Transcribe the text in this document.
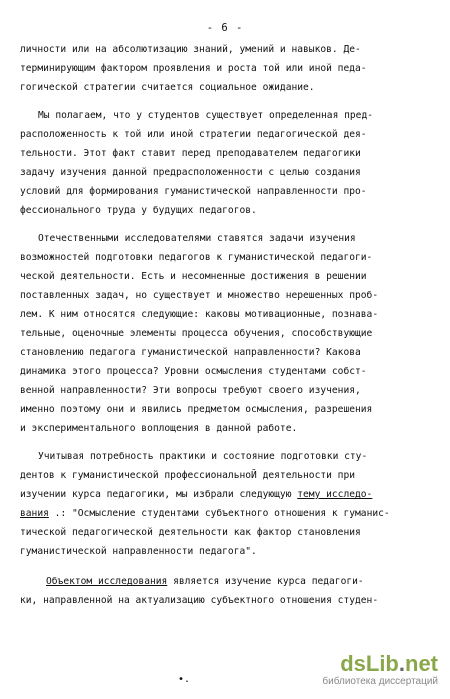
- 6 -
личности или на абсолютизацию знаний, умений и навыков. Де-
терминирующим фактором проявления и роста той или иной педа-
гогической стратегии считается социальное ожидание.
Мы полагаем, что у студентов существует определенная пред-
расположенность к той или иной стратегии педагогической дея-
тельности. Этот факт ставит перед преподавателем педагогики
задачу изучения данной предрасположенности с целью создания
условий для формирования гуманистической направленности про-
фессионального труда у будущих педагогов.
Отечественными исследователями ставятся задачи изучения
возможностей подготовки педагогов к гуманистической педагоги-
ческой деятельности. Есть и несомненные достижения в решении
поставленных задач, но существует и множество нерешенных проб-
лем. К ним относятся следующие: каковы мотивационные, познава-
тельные, оценочные элементы процесса обучения, способствующие
становлению педагога гуманистической направленности? Какова
динамика этого процесса? Уровни осмысления студентами собст-
венной направленности? Эти вопросы требуют своего изучения,
именно поэтому они и явились предметом осмысления, разрешения
и экспериментального воплощения в данной работе.
Учитывая потребность практики и состояние подготовки сту-
дентов к гуманистической профессиональноЙ деятельности при
изучении курса педагогики, мы избрали следующую тему исследо-
вания .: "Осмысление студентами субъектного отношения к гуманис-
тической педагогической деятельности как фактор становления
гуманистической направленности педагога".
Объектом исследования является изучение курса педагоги-
ки, направленной на актуализацию субъектного отношения студен-
•.
dsLib.net
библиотека диссертаций
